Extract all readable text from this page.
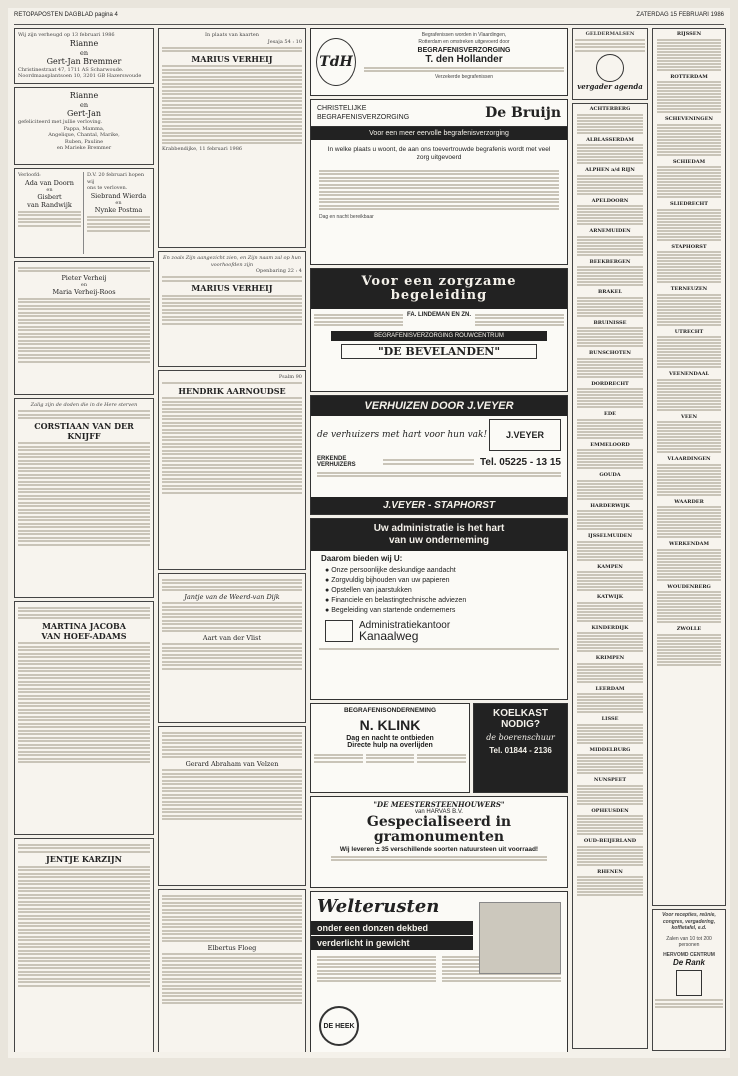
RETOPAPOSTEN DAGBLAD pagina 4	ZATERDAG 15 FEBRUARI 1986
Wij zijn verheugd op 13 februari 1986
Rianne
en
Gert-Jan Bremmer
Christinestraat 47, 1711 AS Scharwoude.
Noordmaasplantsoen 10, 3201 GB Hazerswoude
Rianne
en
Gert-Jan
gefeliciteerd met jullie verloving.
Pappa, Mamma,
Angelique, Chantal, Marike,
Ruben, Pauline
en Marieke Bremmer
Verloofd:
Ada van Doorn
en
Gisbert
van Randwijk
D.V. 20 februari hopen wij
ons te verloven.
Siebrand Wierda
en
Nynke Postma
Pieter Verheij
en
Maria Verheij-Roos
Zalig zijn de doden die in de Here sterven
CORSTIAAN VAN DER KNIJFF
MARTINA JACOBA
VAN HOEF-ADAMS
JENTJE KARZIJN
In plaats van kaarten
Jesaja 54 : 10
MARIUS VERHEIJ
Krabbendijke, 11 februari 1986
En zoals Zijn aangezicht zien, en Zijn naam zal op hun voorhoofden zijn
Openbaring 22 : 4
MARIUS VERHEIJ
Psalm 90
HENDRIK AARNOUDSE
Jantje van de Weerd-van Dijk
Aart van der Vlist
Gerard Abraham van Velzen
Elbertus Floeg
TdH
Begrafenissen worden in Vlaardingen,
Rotterdam en omstreken uitgevoerd door
BEGRAFENISVERZORGING
T. den Hollander
Verzekerde begrafenissen
CHRISTELIJKE
BEGRAFENISVERZORGING	De Bruijn
Voor een meer eervolle begrafenisverzorging
In welke plaats u woont, de aan ons toevertrouwde begrafenis wordt met veel zorg uitgevoerd
Dag en nacht bereikbaar
Voor een zorgzame
begeleiding
FA. LINDEMAN EN ZN.
BEGRAFENISVERZORGING ROUWCENTRUM
"DE BEVELANDEN"
VERHUIZEN DOOR J.VEYER
de verhuizers met hart voor hun vak!	J.VEYER
ERKENDE VERHUIZERS	Tel. 05225 - 13 15
J.VEYER - STAPHORST
Uw administratie is het hart
van uw onderneming
Daarom bieden wij U:
● Onze persoonlijke deskundige aandacht
● Zorgvuldig bijhouden van uw papieren
● Opstellen van jaarstukken
● Financiele en belastingtechnische adviezen
● Begeleiding van startende ondernemers
Administratiekantoor
Kanaalweg
BEGRAFENISONDERNEMING
N. KLINK
Dag en nacht te ontbieden
Directe hulp na overlijden
KOELKAST
NODIG?
de boerenschuur
Tel. 01844 - 2136
"DE MEESTERSTEENHOUWERS"
van HARVAS B.V.
Gespecialiseerd in
gramonumenten
Wij leveren ± 35 verschillende soorten natuursteen uit voorraad!
Welterusten
onder een donzen dekbed
verderlicht in gewicht
DE HEEK
GELDERMALSEN
vergader agenda
ACHTERBERG
ALBLASSERDAM
ALPHEN a/d RIJN
APELDOORN
ARNEMUIDEN
BEEKBERGEN
BRAKEL
BRUINISSE
BUNSCHOTEN
DORDRECHT
EDE
EMMELOORD
GOUDA
HARDERWIJK
IJSSELMUIDEN
KAMPEN
KATWIJK
KINDERDIJK
KRIMPEN
LEERDAM
LISSE
MIDDELBURG
NUNSPEET
OPHEUSDEN
OUD-BEIJERLAND
RHENEN
RIJSSEN
ROTTERDAM
SCHEVENINGEN
SCHIEDAM
SLIEDRECHT
STAPHORST
TERNEUZEN
UTRECHT
VEENENDAAL
VEEN
VLAARDINGEN
WAARDER
WERKENDAM
WOUDENBERG
ZWOLLE
Voor recepties, reünie,
congres, vergadering,
koffietafel, e.d.
Zalen van 10 tot 200
personen
HERVOMD CENTRUM
De Rank
